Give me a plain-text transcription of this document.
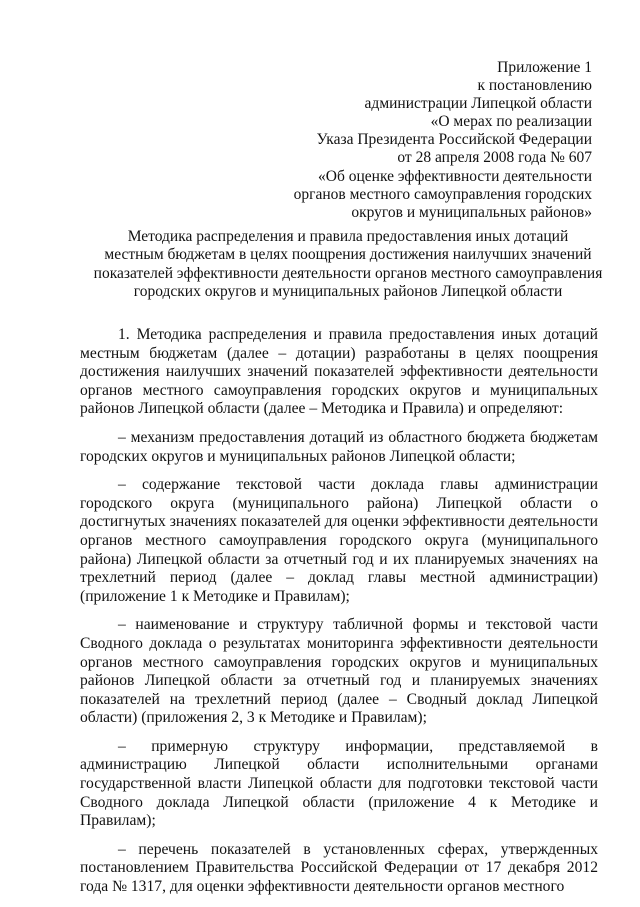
Приложение 1
к постановлению
администрации Липецкой области
«О мерах по реализации
Указа Президента Российской Федерации
от 28 апреля 2008 года № 607
«Об оценке эффективности деятельности
органов местного самоуправления городских
округов и муниципальных районов»
Методика распределения и правила предоставления иных дотаций
местным бюджетам в целях поощрения достижения наилучших значений
показателей эффективности деятельности органов местного самоуправления
городских округов и муниципальных районов Липецкой области

1. Методика распределения и правила предоставления иных дотаций местным бюджетам (далее – дотации) разработаны в целях поощрения достижения наилучших значений показателей эффективности деятельности органов местного самоуправления городских округов и муниципальных районов Липецкой области (далее – Методика и Правила) и определяют:

– механизм предоставления дотаций из областного бюджета бюджетам городских округов и муниципальных районов Липецкой области;

– содержание текстовой части доклада главы администрации городского округа (муниципального района) Липецкой области о достигнутых значениях показателей для оценки эффективности деятельности органов местного самоуправления городского округа (муниципального района) Липецкой области за отчетный год и их планируемых значениях на трехлетний период (далее – доклад главы местной администрации) (приложение 1 к Методике и Правилам);

– наименование и структуру табличной формы и текстовой части Сводного доклада о результатах мониторинга эффективности деятельности органов местного самоуправления городских округов и муниципальных районов Липецкой области за отчетный год и планируемых значениях показателей на трехлетний период (далее – Сводный доклад Липецкой области) (приложения 2, 3 к Методике и Правилам);

– примерную структуру информации, представляемой в администрацию Липецкой области исполнительными органами государственной власти Липецкой области для подготовки текстовой части Сводного доклада Липецкой области (приложение 4 к Методике и Правилам);

– перечень показателей в установленных сферах, утвержденных постановлением Правительства Российской Федерации от 17 декабря 2012 года № 1317, для оценки эффективности деятельности органов местного
